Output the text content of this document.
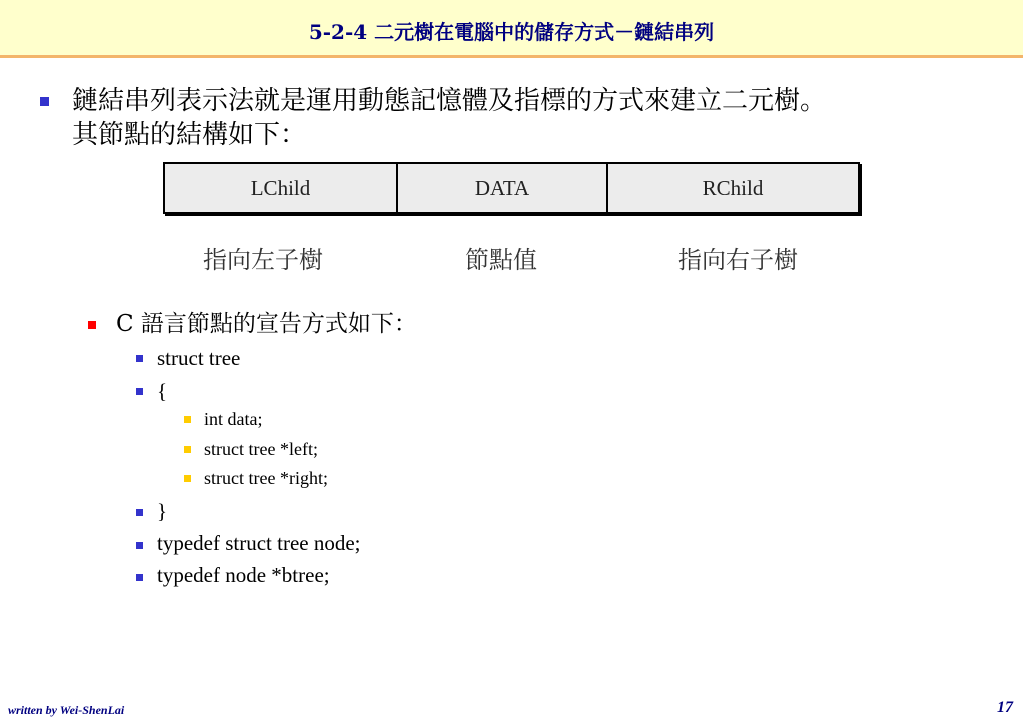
5-2-4 二元樹在電腦中的儲存方式－鏈結串列
鏈結串列表示法就是運用動態記憶體及指標的方式來建立二元樹。
其節點的結構如下：
LChild	DATA	RChild
指向左子樹	節點值	指向右子樹
C 語言節點的宣告方式如下：
struct tree
{
int data;
struct tree *left;
struct tree *right;
}
typedef struct tree node;
typedef node *btree;
written by Wei-ShenLai	17
